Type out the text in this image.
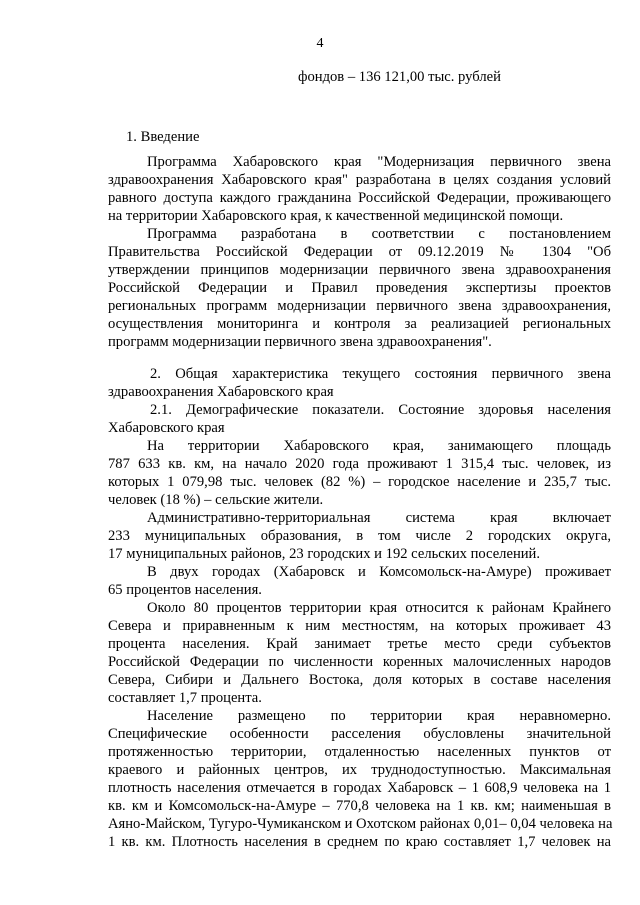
4
фондов – 136 121,00 тыс. рублей
1. Введение
Программа Хабаровского края "Модернизация первичного звена
здравоохранения Хабаровского края" разработана в целях создания условий
равного доступа каждого гражданина Российской Федерации, проживающего
на территории Хабаровского края, к качественной медицинской помощи.
Программа разработана в соответствии с постановлением
Правительства Российской Федерации от 09.12.2019 № 1304 "Об
утверждении принципов модернизации первичного звена здравоохранения
Российской Федерации и Правил проведения экспертизы проектов
региональных программ модернизации первичного звена здравоохранения,
осуществления мониторинга и контроля за реализацией региональных
программ модернизации первичного звена здравоохранения".
2. Общая характеристика текущего состояния первичного звена
здравоохранения Хабаровского края
2.1. Демографические показатели. Состояние здоровья населения
Хабаровского края
На территории Хабаровского края, занимающего площадь
787 633 кв. км, на начало 2020 года проживают 1 315,4 тыс. человек, из
которых 1 079,98 тыс. человек (82 %) – городское население и 235,7 тыс.
человек (18 %) – сельские жители.
Административно-территориальная система края включает
233 муниципальных образования, в том числе 2 городских округа,
17 муниципальных районов, 23 городских и 192 сельских поселений.
В двух городах (Хабаровск и Комсомольск-на-Амуре) проживает
65 процентов населения.
Около 80 процентов территории края относится к районам Крайнего
Севера и приравненным к ним местностям, на которых проживает 43
процента населения. Край занимает третье место среди субъектов
Российской Федерации по численности коренных малочисленных народов
Севера, Сибири и Дальнего Востока, доля которых в составе населения
составляет 1,7 процента.
Население размещено по территории края неравномерно.
Специфические особенности расселения обусловлены значительной
протяженностью территории, отдаленностью населенных пунктов от
краевого и районных центров, их труднодоступностью. Максимальная
плотность населения отмечается в городах Хабаровск – 1 608,9 человека на 1
кв. км и Комсомольск-на-Амуре – 770,8 человека на 1 кв. км; наименьшая в
Аяно-Майском, Тугуро-Чумиканском и Охотском районах 0,01– 0,04 человека на
1 кв. км. Плотность населения в среднем по краю составляет 1,7 человек на
